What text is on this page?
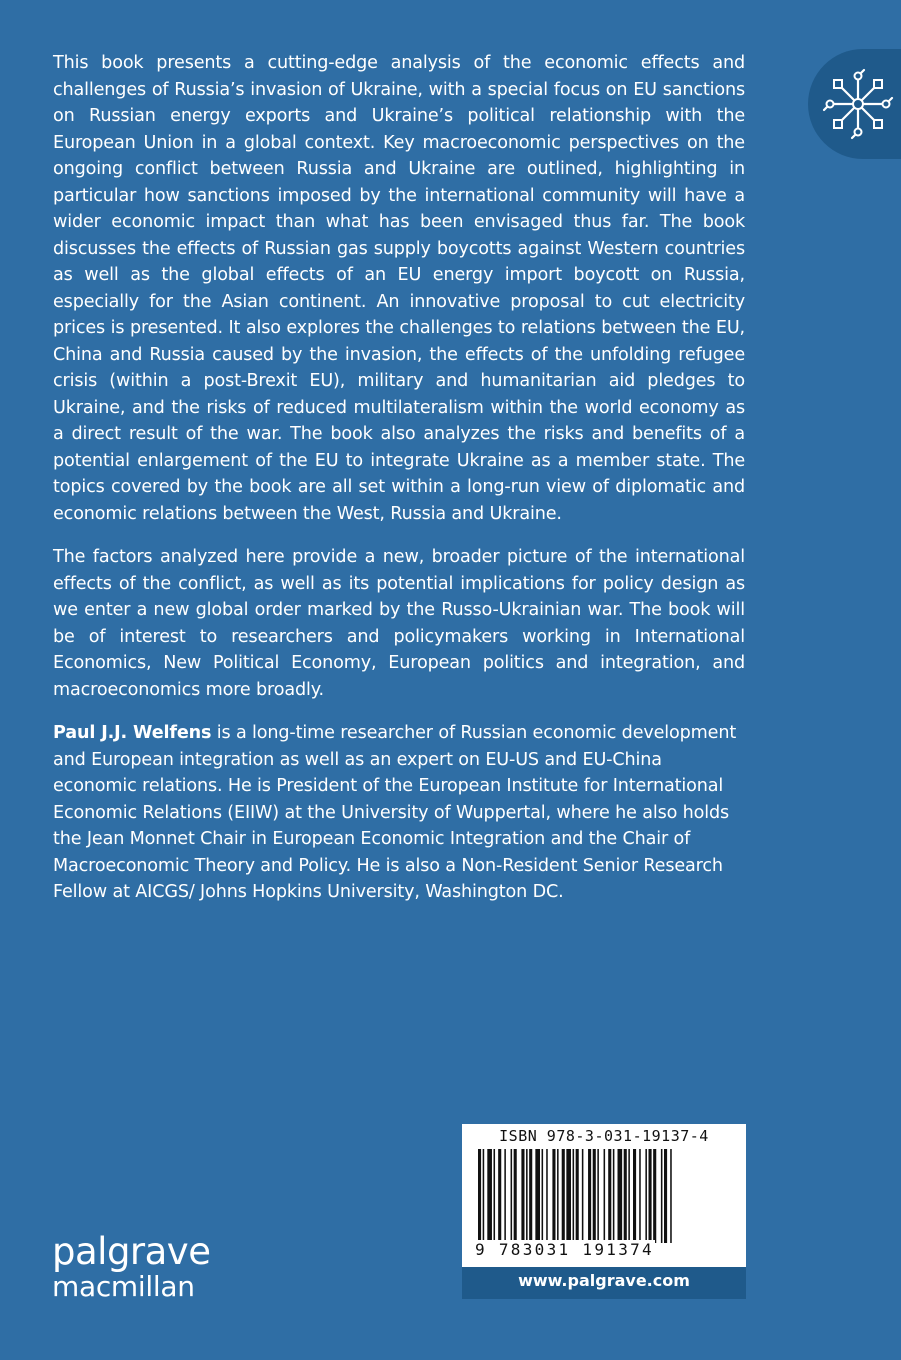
This book presents a cutting-edge analysis of the economic effects and challenges of Russia’s invasion of Ukraine, with a special focus on EU sanctions on Russian energy exports and Ukraine’s political relationship with the European Union in a global context. Key macroeconomic perspectives on the ongoing conflict between Russia and Ukraine are outlined, highlighting in particular how sanctions imposed by the international community will have a wider economic impact than what has been envisaged thus far. The book discusses the effects of Russian gas supply boycotts against Western countries as well as the global effects of an EU energy import boycott on Russia, especially for the Asian continent. An innovative proposal to cut electricity prices is presented. It also explores the challenges to relations between the EU, China and Russia caused by the invasion, the effects of the unfolding refugee crisis (within a post-Brexit EU), military and humanitarian aid pledges to Ukraine, and the risks of reduced multilateralism within the world economy as a direct result of the war. The book also analyzes the risks and benefits of a potential enlargement of the EU to integrate Ukraine as a member state. The topics covered by the book are all set within a long-run view of diplomatic and economic relations between the West, Russia and Ukraine.

The factors analyzed here provide a new, broader picture of the international effects of the conflict, as well as its potential implications for policy design as we enter a new global order marked by the Russo-Ukrainian war. The book will be of interest to researchers and policymakers working in International Economics, New Political Economy, European politics and integration, and macroeconomics more broadly.

Paul J.J. Welfens is a long-time researcher of Russian economic development and European integration as well as an expert on EU-US and EU-China economic relations. He is President of the European Institute for International Economic Relations (EIIW) at the University of Wuppertal, where he also holds the Jean Monnet Chair in European Economic Integration and the Chair of Macroeconomic Theory and Policy. He is also a Non-Resident Senior Research Fellow at AICGS/ Johns Hopkins University, Washington DC.

palgrave
macmillan
ISBN 978-3-031-19137-4
9 783031 191374
www.palgrave.com
